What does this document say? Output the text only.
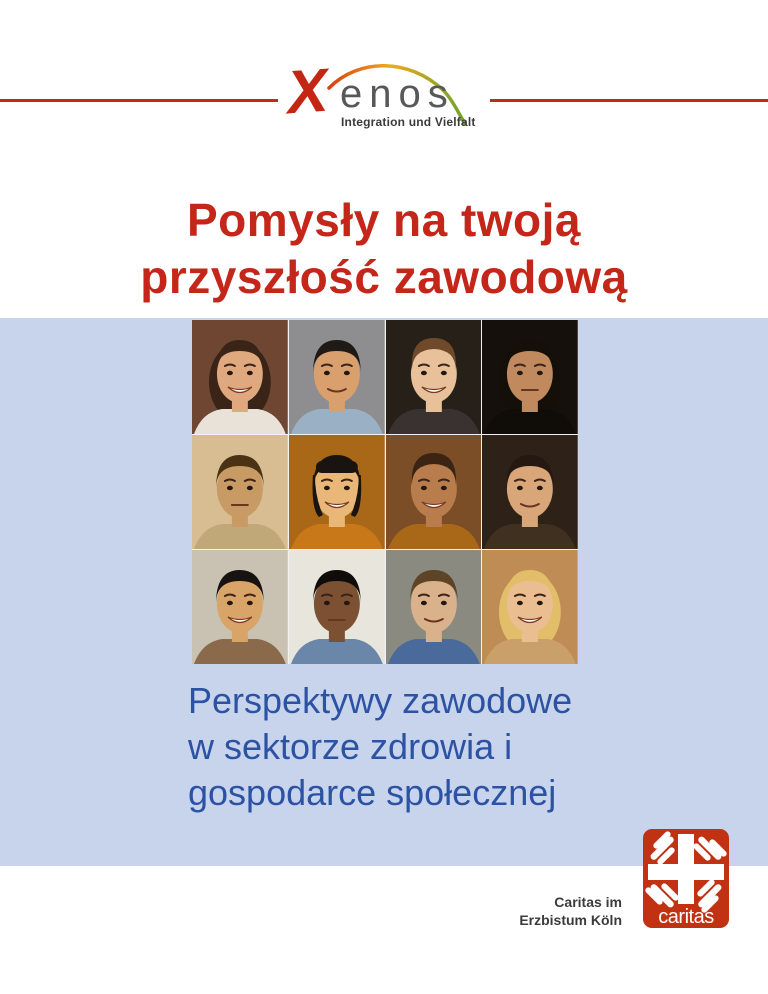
X enos
Integration und Vielfalt
Pomysły na twoją
przyszłość zawodową
Perspektywy zawodowe
w sektorze zdrowia i
gospodarce społecznej
Caritas im
Erzbistum Köln caritas
